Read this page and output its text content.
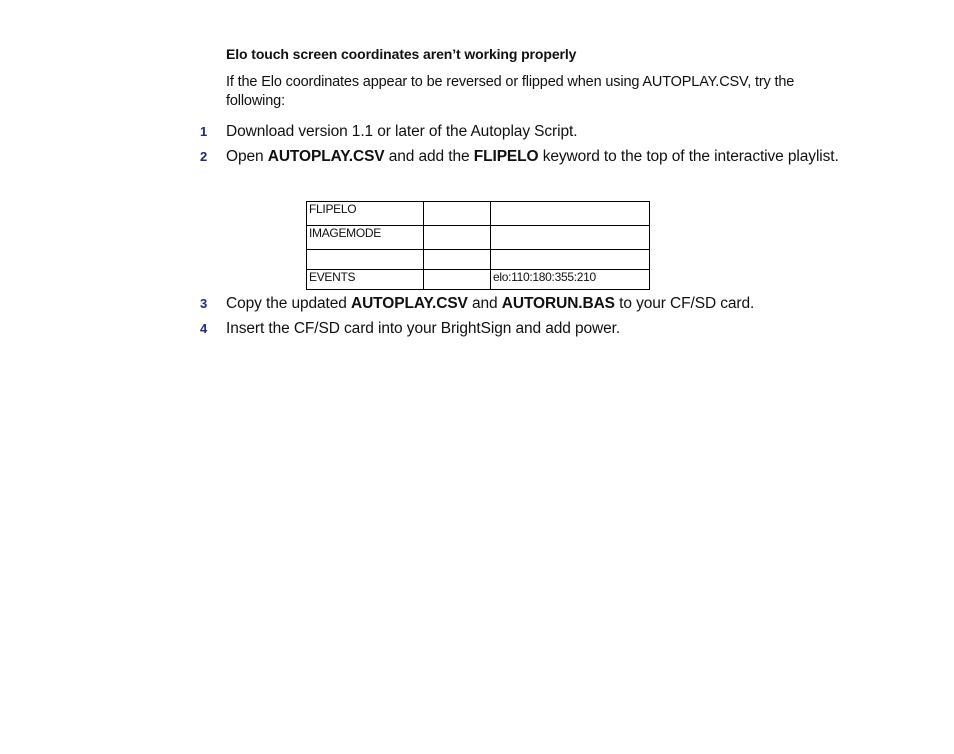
Elo touch screen coordinates aren’t working properly
If the Elo coordinates appear to be reversed or flipped when using AUTOPLAY.CSV, try the following:
1 Download version 1.1 or later of the Autoplay Script.
2 Open AUTOPLAY.CSV and add the FLIPELO keyword to the top of the interactive playlist.
FLIPELO		
IMAGEMODE		

EVENTS		elo:110:180:355:210
3 Copy the updated AUTOPLAY.CSV and AUTORUN.BAS to your CF/SD card.
4 Insert the CF/SD card into your BrightSign and add power.
